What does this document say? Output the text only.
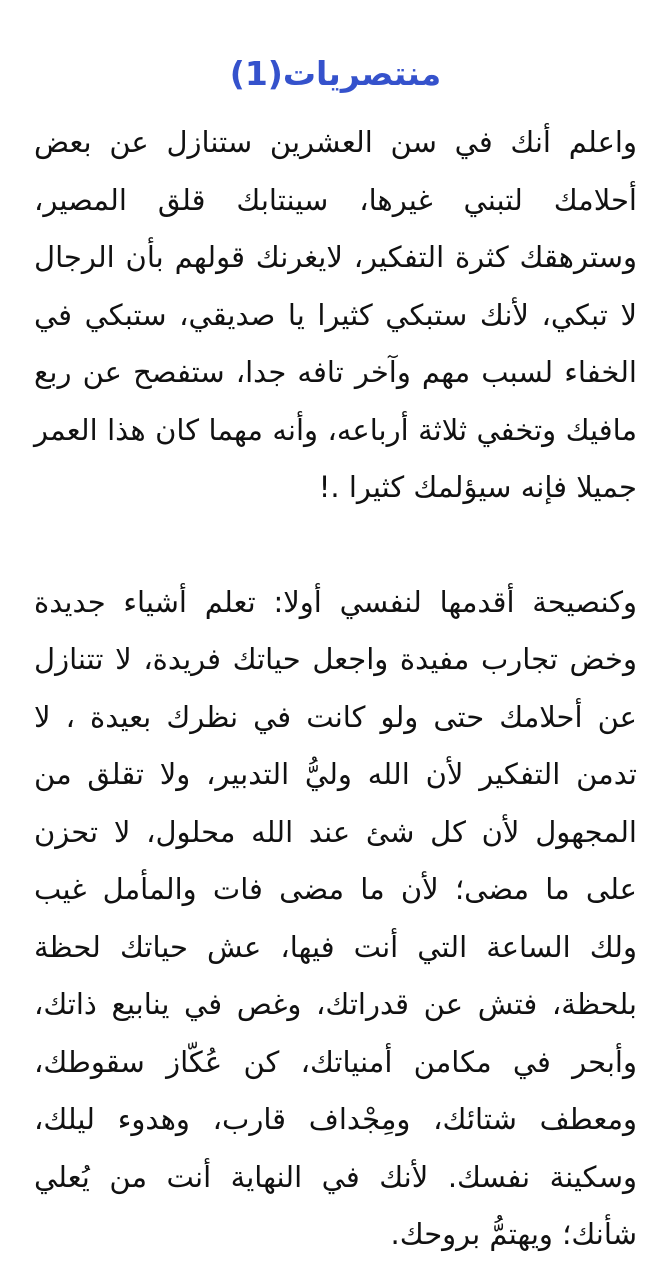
منتصريات(1)

واعلم أنك في سن العشرين ستنازل عن بعض أحلامك لتبني غيرها، سينتابك قلق المصير، وسترهقك كثرة التفكير، لايغرنك قولهم بأن الرجال لا تبكي، لأنك ستبكي كثيرا يا صديقي، ستبكي في الخفاء لسبب مهم وآخر تافه جدا، ستفصح عن ربع مافيك وتخفي ثلاثة أرباعه، وأنه مهما كان هذا العمر جميلا فإنه سيؤلمك كثيرا .!

وكنصيحة أقدمها لنفسي أولا: تعلم أشياء جديدة وخض تجارب مفيدة واجعل حياتك فريدة، لا تتنازل عن أحلامك حتى ولو كانت في نظرك بعيدة ، لا تدمن التفكير لأن الله وليُّ التدبير، ولا تقلق من المجهول لأن كل شئ عند الله محلول، لا تحزن على ما مضى؛ لأن ما مضى فات والمأمل غيب ولك الساعة التي أنت فيها، عش حياتك لحظة بلحظة، فتش عن قدراتك، وغص في ينابيع ذاتك، وأبحر في مكامن أمنياتك، كن عُكّاز سقوطك، ومعطف شتائك، ومِجْداف قارب، وهدوء ليلك، وسكينة نفسك. لأنك في النهاية أنت من يُعلي شأنك؛ ويهتمُّ بروحك.
